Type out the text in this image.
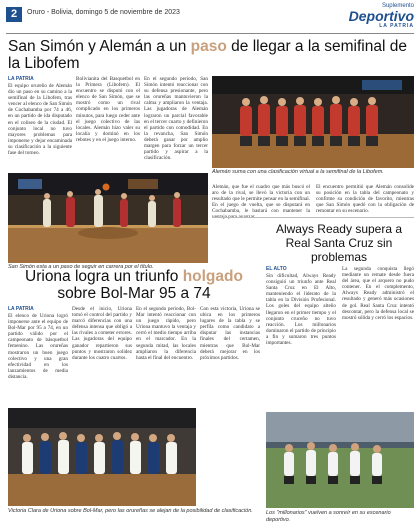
2	Oruro - Bolivia, domingo 5 de noviembre de 2023
Suplemento
Deportivo
LA PATRIA
San Simón y Alemán a un paso de llegar a la semifinal de la Libofem
LA PATRIA
El equipo orureño de Alemán dio un paso en su camino a la semifinal de la Libofem, tras vencer al elenco de San Simón de Cochabamba por 74 a 46, en un partido de ida disputado en el coliseo de la ciudad. El conjunto local no tuvo mayores problemas para imponerse y dejar encaminada su clasificación a la siguiente fase del torneo.
Bolivianita del Basquetbol en la Primera (Libofem). El encuentro se disputó con el elenco de San Simón, que se mostró como un rival complicado en los primeros minutos, para luego ceder ante el juego colectivo de las locales. Alemán hizo valer su localía y dominó en los rebotes y en el juego interno.
En el segundo periodo, San Simón intentó reaccionar con su defensa presionante, pero las orureñas mantuvieron la calma y ampliaron la ventaja. Las jugadoras de Alemán lograron un parcial favorable en el tercer cuarto y definieron el partido con comodidad. En la revancha, San Simón deberá ganar por amplio margen para forzar un tercer partido y aspirar a la clasificación.
San Simón esta a un paso de seguir en carrera por el título.
Alemán suma con una clasificación virtual a la semifinal de la Libofem.
Alemán, que fue el cuadro que más buscó el aro de la rival, se llevó la victoria con un resultado que le permite pensar en la semifinal. En el juego de vuelta, que se disputará en Cochabamba, le bastará con mantener la
El encuentro permitió que Alemán consolide su posición en la tabla del campeonato y confirme su condición de favorito, mientras que San Simón quedó con la obligación de remontar en su escenario.
Always Ready supera a Real Santa Cruz sin problemas
EL ALTO
Sin dificultad, Always Ready consiguió un triunfo ante Real Santa Cruz en El Alto, manteniendo el liderato de la tabla en la División Profesional. Los goles del equipo alteño llegaron en el primer tiempo y el conjunto cruceño no tuvo reacción. Los millonarios dominaron el partido de principio a fin y sumaron tres puntos importantes.
La segunda conquista llegó mediante un remate desde fuera del área, que el arquero no pudo contener. En el complemento, Always Ready administró el resultado y generó más ocasiones de gol. Real Santa Cruz intentó descontar, pero la defensa local se mostró sólida y cerró los espacios.
Los "millonarios" vuelven a sonreír en su escenario deportivo.
Uriona logra un triunfo holgado sobre Bol-Mar 95 a 74
LA PATRIA
El elenco de Uriona logró imponerse ante el equipo de Bol-Mar por 95 a 74, en un partido válido por el campeonato de básquetbol femenino. Las orureñas mostraron un buen juego colectivo y una gran efectividad en los lanzamientos de media distancia.
Desde el inicio, Uriona tomó el control del partido y marcó diferencias con una defensa intensa que obligó a las rivales a cometer errores. Las jugadoras del equipo ganador repartieron sus puntos y mostraron solidez durante los cuatro cuartos.
En el segundo periodo, Bol-Mar intentó reaccionar con un juego rápido, pero Uriona mantuvo la ventaja y cerró el medio tiempo arriba en el marcador. En la segunda mitad, las locales ampliaron la diferencia hasta el final del encuentro.
Con esta victoria, Uriona se ubica en los primeros lugares de la tabla y se perfila como candidato a disputar las instancias finales del certamen, mientras que Bol-Mar deberá mejorar en los próximos partidos.
Victoria Clara de Uriona sobre Bol-Mar, pero las orureñas se alejan de la posibilidad de clasificación.
